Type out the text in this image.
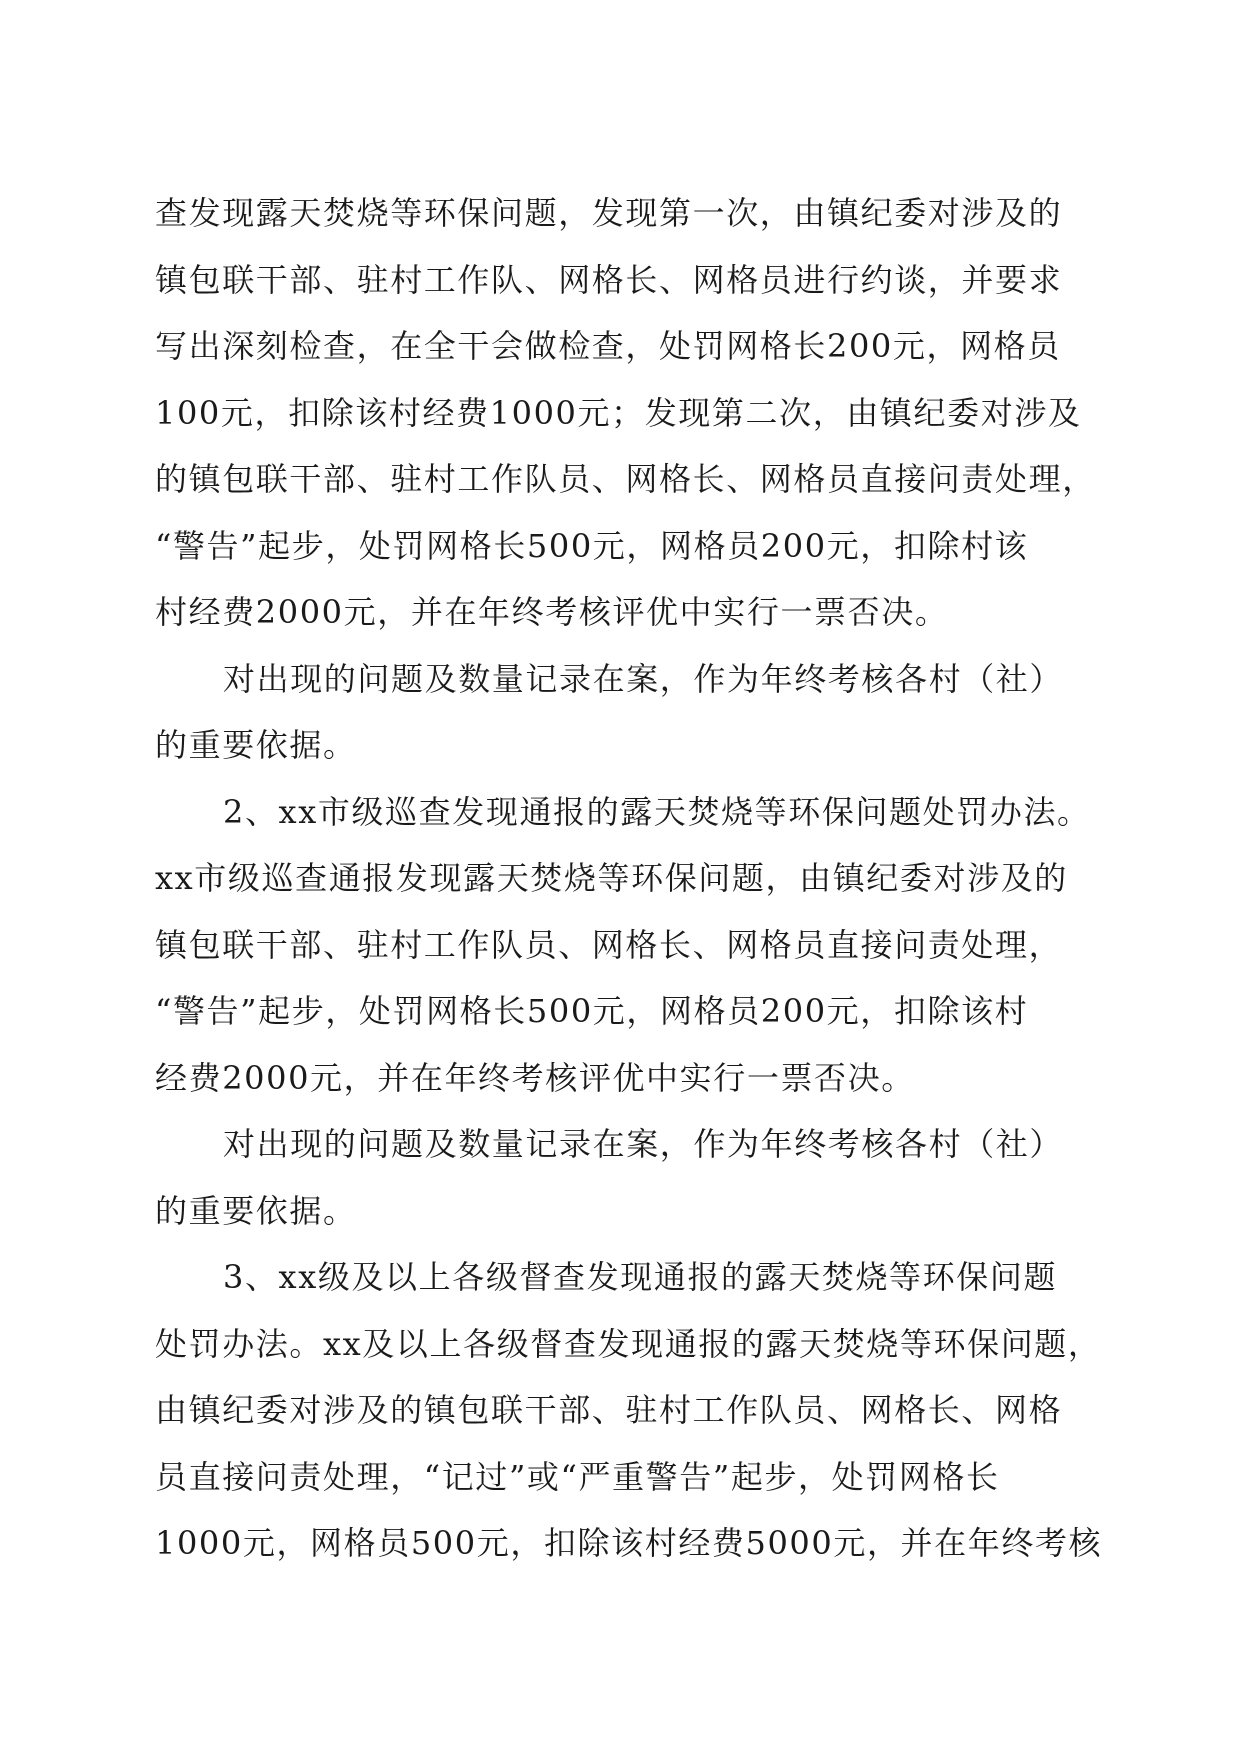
查发现露天焚烧等环保问题，发现第一次，由镇纪委对涉及的
镇包联干部、驻村工作队、网格长、网格员进行约谈，并要求
写出深刻检查，在全干会做检查，处罚网格长200元，网格员
100元，扣除该村经费1000元；发现第二次，由镇纪委对涉及
的镇包联干部、驻村工作队员、网格长、网格员直接问责处理，
“警告”起步，处罚网格长500元，网格员200元，扣除村该
村经费2000元，并在年终考核评优中实行一票否决。
对出现的问题及数量记录在案，作为年终考核各村（社）
的重要依据。
2、xx市级巡查发现通报的露天焚烧等环保问题处罚办法。
xx市级巡查通报发现露天焚烧等环保问题，由镇纪委对涉及的
镇包联干部、驻村工作队员、网格长、网格员直接问责处理，
“警告”起步，处罚网格长500元，网格员200元，扣除该村
经费2000元，并在年终考核评优中实行一票否决。
对出现的问题及数量记录在案，作为年终考核各村（社）
的重要依据。
3、xx级及以上各级督查发现通报的露天焚烧等环保问题
处罚办法。xx及以上各级督查发现通报的露天焚烧等环保问题，
由镇纪委对涉及的镇包联干部、驻村工作队员、网格长、网格
员直接问责处理，“记过”或“严重警告”起步，处罚网格长
1000元，网格员500元，扣除该村经费5000元，并在年终考核
